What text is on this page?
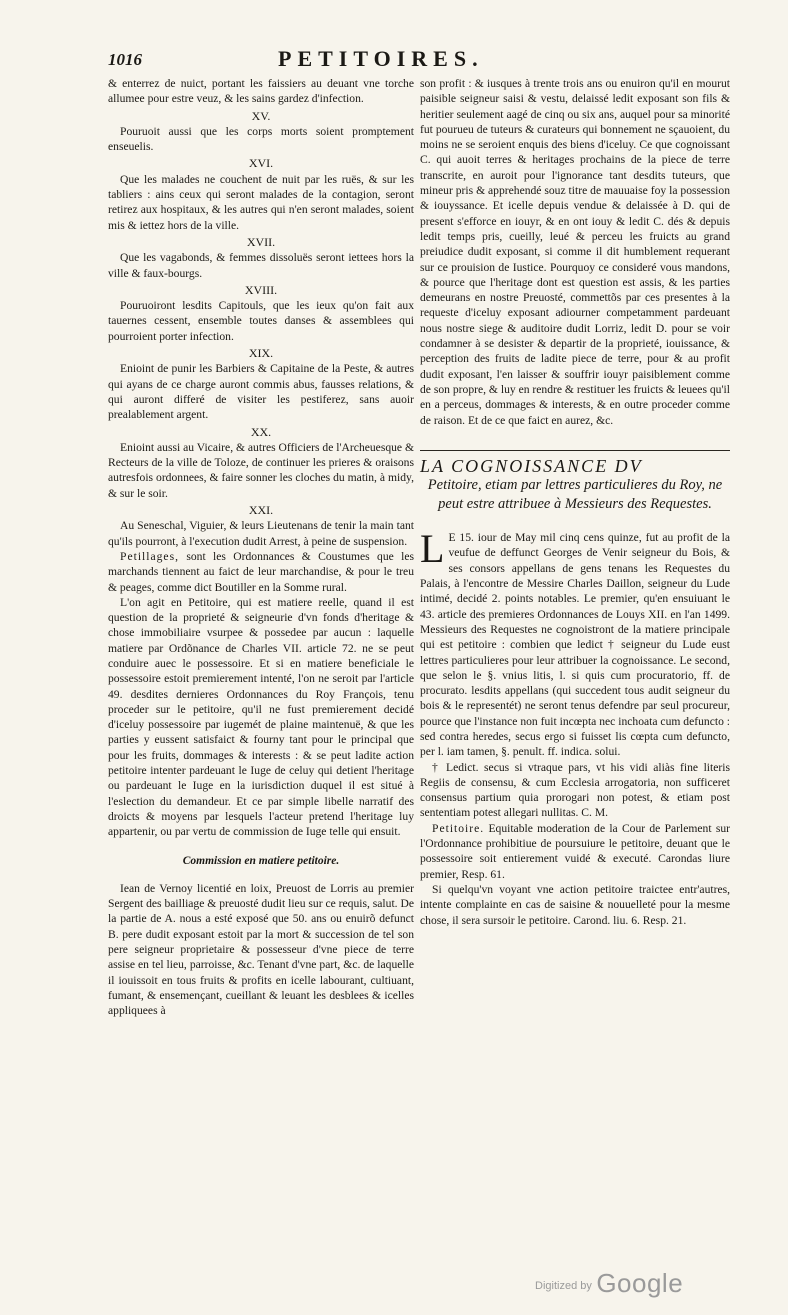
1016	PETITOIRES.

& enterrez de nuict, portant les faissiers au deuant vne torche allumee pour estre veuz, & les sains gardez d'infection.

XV.

Pouruoit aussi que les corps morts soient promptement enseuelis.

XVI.

Que les malades ne couchent de nuit par les ruës, & sur les tabliers : ains ceux qui seront malades de la contagion, seront retirez aux hospitaux, & les autres qui n'en seront malades, soient mis & iettez hors de la ville.

XVII.

Que les vagabonds, & femmes dissoluës seront iettees hors la ville & faux-bourgs.

XVIII.

Pouruoiront lesdits Capitouls, que les ieux qu'on fait aux tauernes cessent, ensemble toutes danses & assemblees qui pourroient porter infection.

XIX.

Enioint de punir les Barbiers & Capitaine de la Peste, & autres qui ayans de ce charge auront commis abus, fausses relations, & qui auront differé de visiter les pestiferez, sans auoir prealablement argent.

XX.

Enioint aussi au Vicaire, & autres Officiers de l'Archeuesque & Recteurs de la ville de Toloze, de continuer les prieres & oraisons autresfois ordonnees, & faire sonner les cloches du matin, à midy, & sur le soir.

XXI.

Au Seneschal, Viguier, & leurs Lieutenans de tenir la main tant qu'ils pourront, à l'execution dudit Arrest, à peine de suspension.

Petillages, sont les Ordonnances & Coustumes que les marchands tiennent au faict de leur marchandise, & pour le treu & peages, comme dict Boutiller en la Somme rural.

L'on agit en Petitoire, qui est matiere reelle, quand il est question de la proprieté & seigneurie d'vn fonds d'heritage & chose immobiliaire vsurpee & possedee par aucun : laquelle matiere par Ordõnance de Charles VII. article 72. ne se peut conduire auec le possessoire. Et si en matiere beneficiale le possessoire estoit premierement intenté, l'on ne seroit par l'article 49. desdites dernieres Ordonnances du Roy François, tenu proceder sur le petitoire, qu'il ne fust premierement decidé d'iceluy possessoire par iugemét de plaine maintenuë, & que les parties y eussent satisfaict & fourny tant pour le principal que pour les fruits, dommages & interests : & se peut ladite action petitoire intenter pardeuant le Iuge de celuy qui detient l'heritage ou pardeuant le Iuge en la iurisdiction duquel il est situé à l'eslection du demandeur. Et ce par simple libelle narratif des droicts & moyens par lesquels l'acteur pretend l'heritage luy appartenir, ou par vertu de commission de Iuge telle qui ensuit.

Commission en matiere petitoire.

Iean de Vernoy licentié en loix, Preuost de Lorris au premier Sergent des bailliage & preuosté dudit lieu sur ce requis, salut. De la partie de A. nous a esté exposé que 50. ans ou enuirõ defunct B. pere dudit exposant estoit par la mort & succession de tel son pere seigneur proprietaire & possesseur d'vne piece de terre assise en tel lieu, parroisse, &c. Tenant d'vne part, &c. de laquelle il iouissoit en tous fruits & profits en icelle labourant, cultiuant, fumant, & ensemençant, cueillant & leuant les desblees & icelles appliquees à

son profit : & iusques à trente trois ans ou enuiron qu'il en mourut paisible seigneur saisi & vestu, delaissé ledit exposant son fils & heritier seulement aagé de cinq ou six ans, auquel pour sa minorité fut pourueu de tuteurs & curateurs qui bonnement ne sçauoient, du moins ne se seroient enquis des biens d'iceluy. Ce que cognoissant C. qui auoit terres & heritages prochains de la piece de terre transcrite, en auroit pour l'ignorance tant desdits tuteurs, que mineur pris & apprehendé souz titre de mauuaise foy la possession & iouyssance. Et icelle depuis vendue & delaissée à D. qui de present s'efforce en iouyr, & en ont iouy & ledit C. dés & depuis ledit temps pris, cueilly, leué & perceu les fruicts au grand preiudice dudit exposant, si comme il dit humblement requerant sur ce prouision de Iustice. Pourquoy ce consideré vous mandons, & pource que l'heritage dont est question est assis, & les parties demeurans en nostre Preuosté, commettõs par ces presentes à la requeste d'iceluy exposant adiourner competamment pardeuant nous nostre siege & auditoire dudit Lorriz, ledit D. pour se voir condamner à se desister & departir de la proprieté, iouissance, & perception des fruits de ladite piece de terre, pour & au profit dudit exposant, l'en laisser & souffrir iouyr paisiblement comme de son propre, & luy en rendre & restituer les fruicts & leuees qu'il en a perceus, dommages & interests, & en outre proceder comme de raison. Et de ce que faict en aurez, &c.

LA COGNOISSANCE DV

Petitoire, etiam par lettres particulieres du Roy, ne peut estre attribuee à Messieurs des Requestes.

L E 15. iour de May mil cinq cens quinze, fut au profit de la veufue de deffunct Georges de Venir seigneur du Bois, & ses consors appellans de gens tenans les Requestes du Palais, à l'encontre de Messire Charles Daillon, seigneur du Lude intimé, decidé 2. points notables. Le premier, qu'en ensuiuant le 43. article des premieres Ordonnances de Louys XII. en l'an 1499. Messieurs des Requestes ne cognoistront de la matiere principale qui est petitoire : combien que ledict † seigneur du Lude eust lettres particulieres pour leur attribuer la cognoissance. Le second, que selon le §. vnius litis, l. si quis cum procuratorio, ff. de procurato. lesdits appellans (qui succedent tous audit seigneur du bois & le representét) ne seront tenus defendre par seul procureur, pource que l'instance non fuit incœpta nec inchoata cum defuncto : sed contra heredes, secus ergo si fuisset lis cœpta cum defuncto, per l. iam tamen, §. penult. ff. indica. solui.

† Ledict. secus si vtraque pars, vt his vidi aliàs fine literis Regiis de consensu, & cum Ecclesia arrogatoria, non sufficeret consensus partium quia prorogari non potest, & etiam post sententiam potest allegari nullitas. C. M.

Petitoire. Equitable moderation de la Cour de Parlement sur l'Ordonnance prohibitiue de poursuiure le petitoire, deuant que le possessoire soit entierement vuidé & executé. Carondas liure premier, Resp. 61.

Si quelqu'vn voyant vne action petitoire traictee entr'autres, intente complainte en cas de saisine & nouuelleté pour la mesme chose, il sera sursoir le petitoire. Carond. liu. 6. Resp. 21.

Digitized by Google
